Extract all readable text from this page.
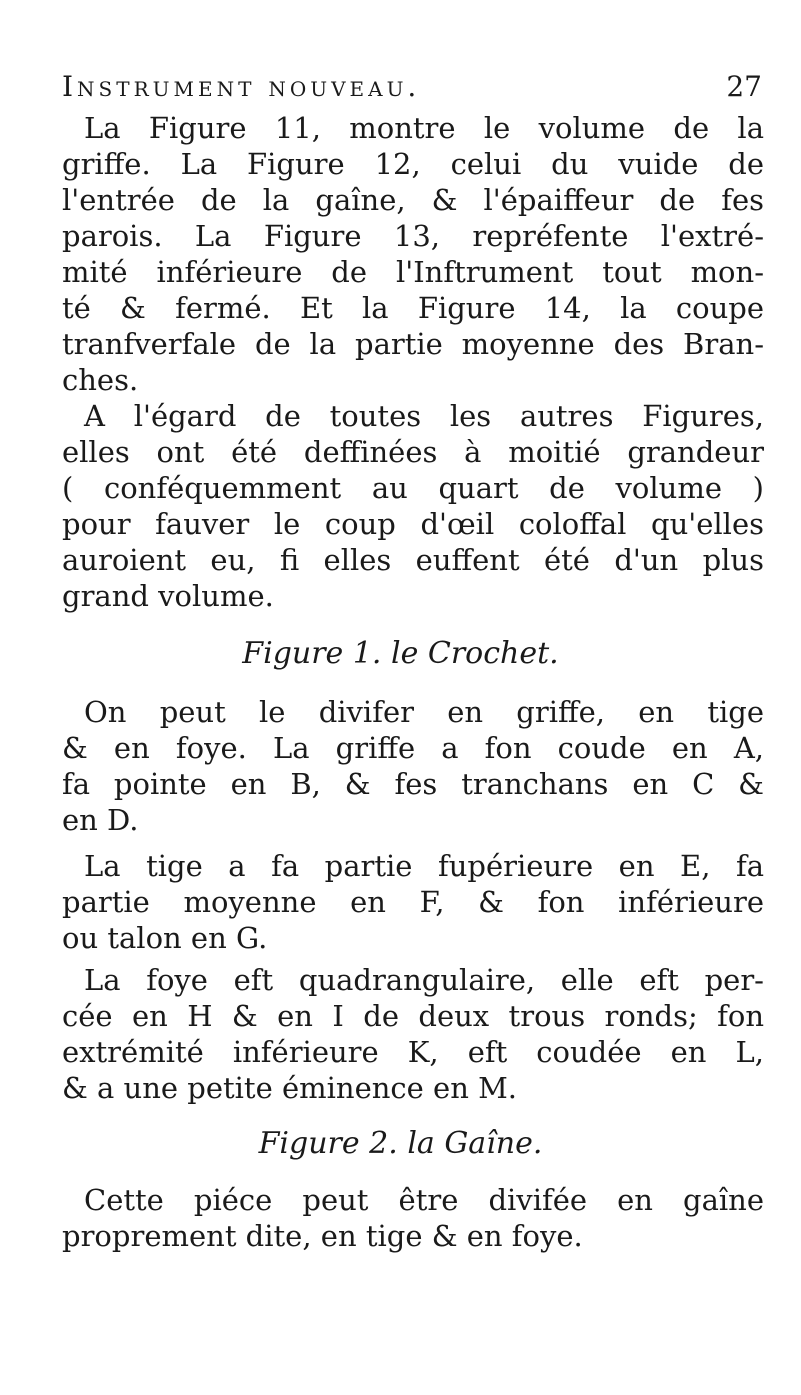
Instrument nouveau.	27
La Figure 11, montre le volume de la
griffe. La Figure 12, celui du vuide de
l'entrée de la gaîne, & l'épaiffeur de fes
parois. La Figure 13, repréfente l'extré-
mité inférieure de l'Inftrument tout mon-
té & fermé. Et la Figure 14, la coupe
tranfverfale de la partie moyenne des Bran-
ches.
A l'égard de toutes les autres Figures,
elles ont été deffinées à moitié grandeur
( conféquemment au quart de volume )
pour fauver le coup d'œil coloffal qu'elles
auroient eu, fi elles euffent été d'un plus
grand volume.
Figure 1. le Crochet.
On peut le divifer en griffe, en tige
& en foye. La griffe a fon coude en A,
fa pointe en B, & fes tranchans en C &
en D.
La tige a fa partie fupérieure en E, fa
partie moyenne en F, & fon inférieure
ou talon en G.
La foye eft quadrangulaire, elle eft per-
cée en H & en I de deux trous ronds; fon
extrémité inférieure K, eft coudée en L,
& a une petite éminence en M.
Figure 2. la Gaîne.
Cette piéce peut être divifée en gaîne
proprement dite, en tige & en foye.
